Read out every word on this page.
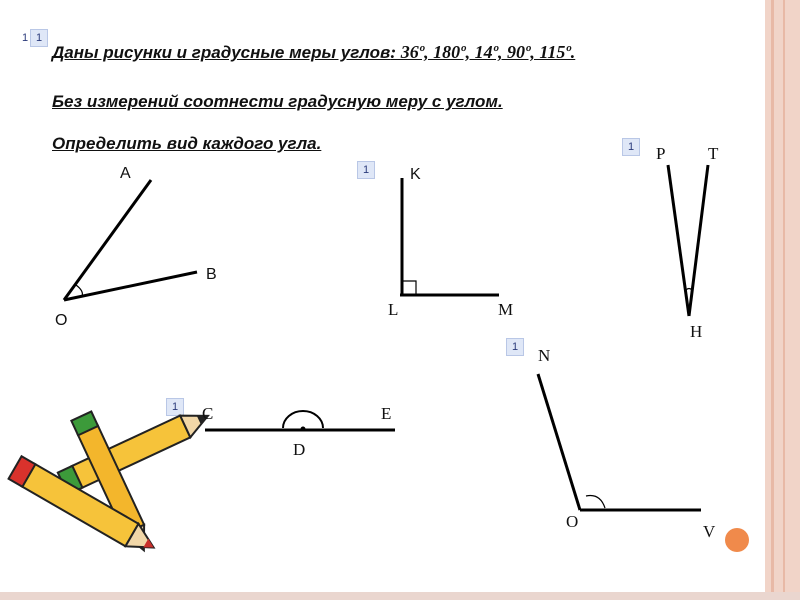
1 1
Даны рисунки и градусные меры углов: 36º, 180º, 14º, 90º, 115º.
Без измерений соотнести градусную меру с углом.
Определить вид каждого угла.
1
1
1
1
A
B
O
K
L	M
P	T
H
N
O
V
C
D
E
